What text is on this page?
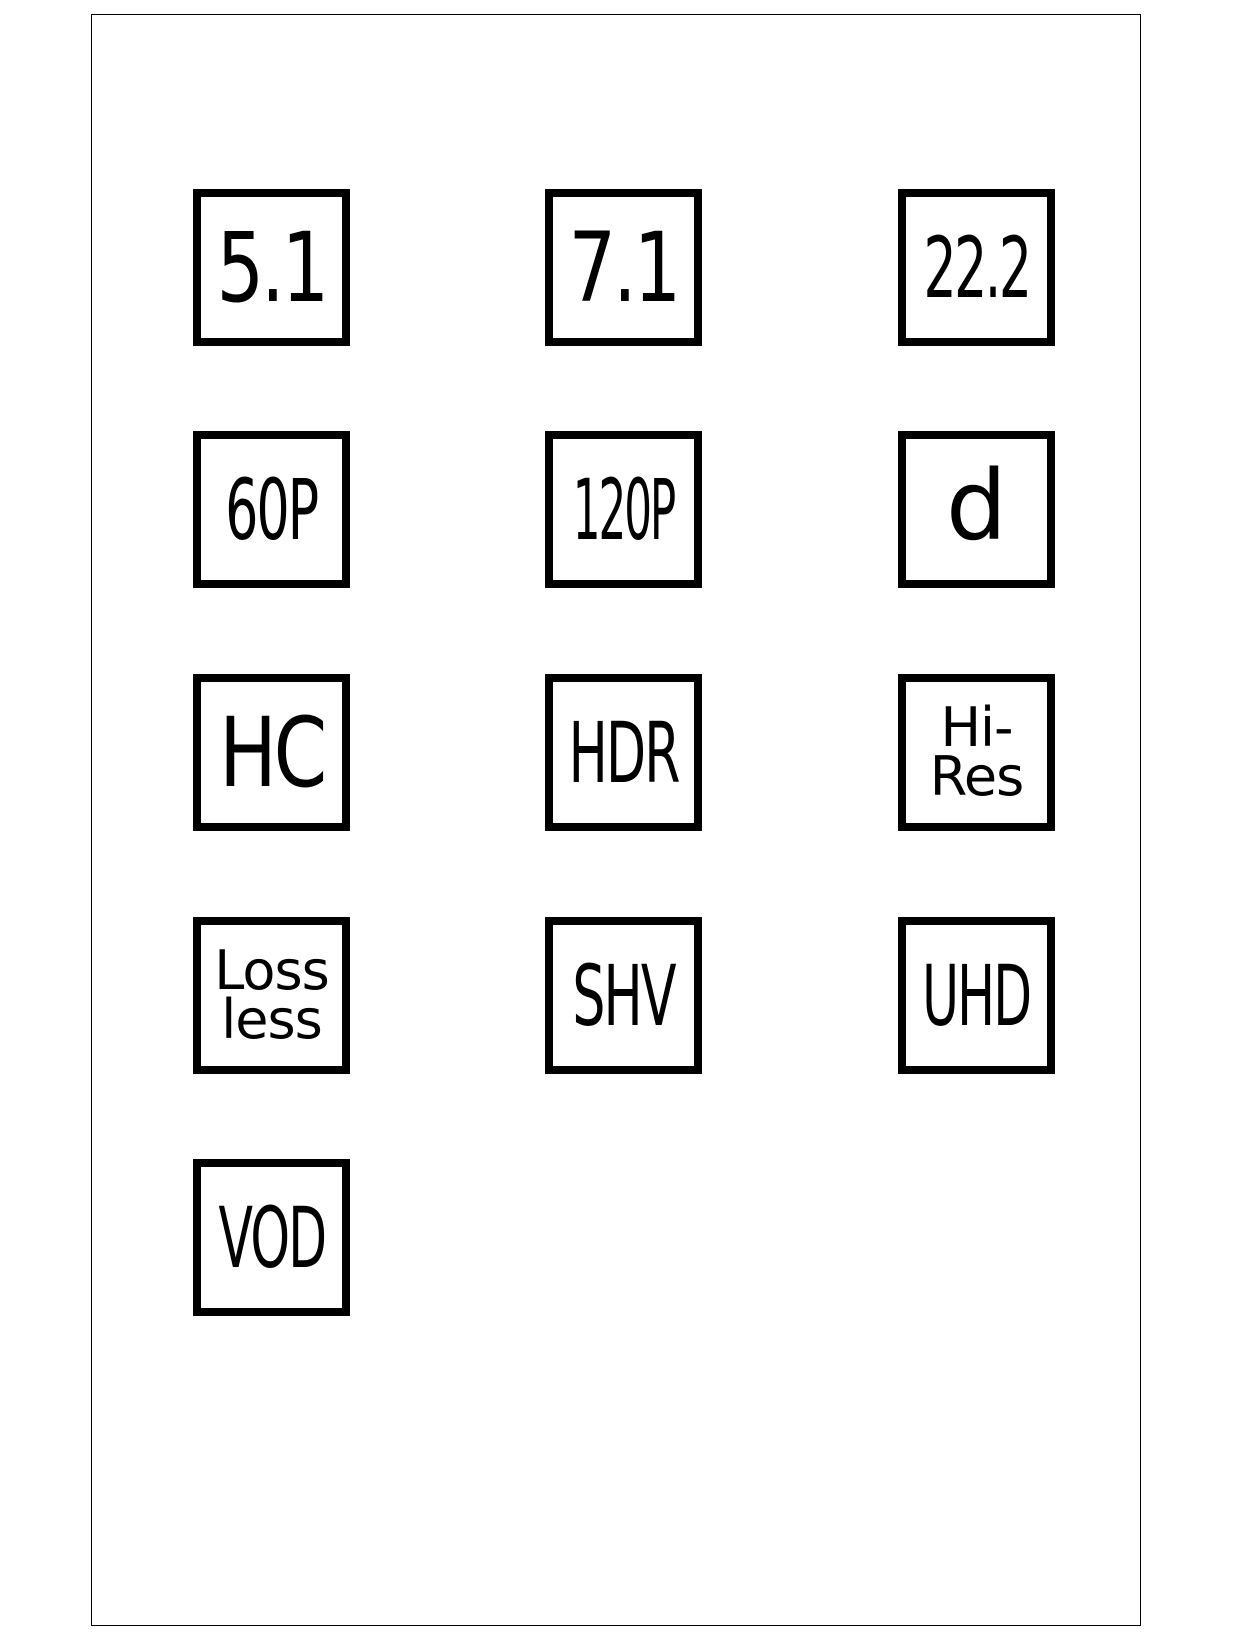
5.1	7.1	22.2
60P	120P	d
HC	HDR	Hi-
Res
Loss
less	SHV	UHD
VOD
